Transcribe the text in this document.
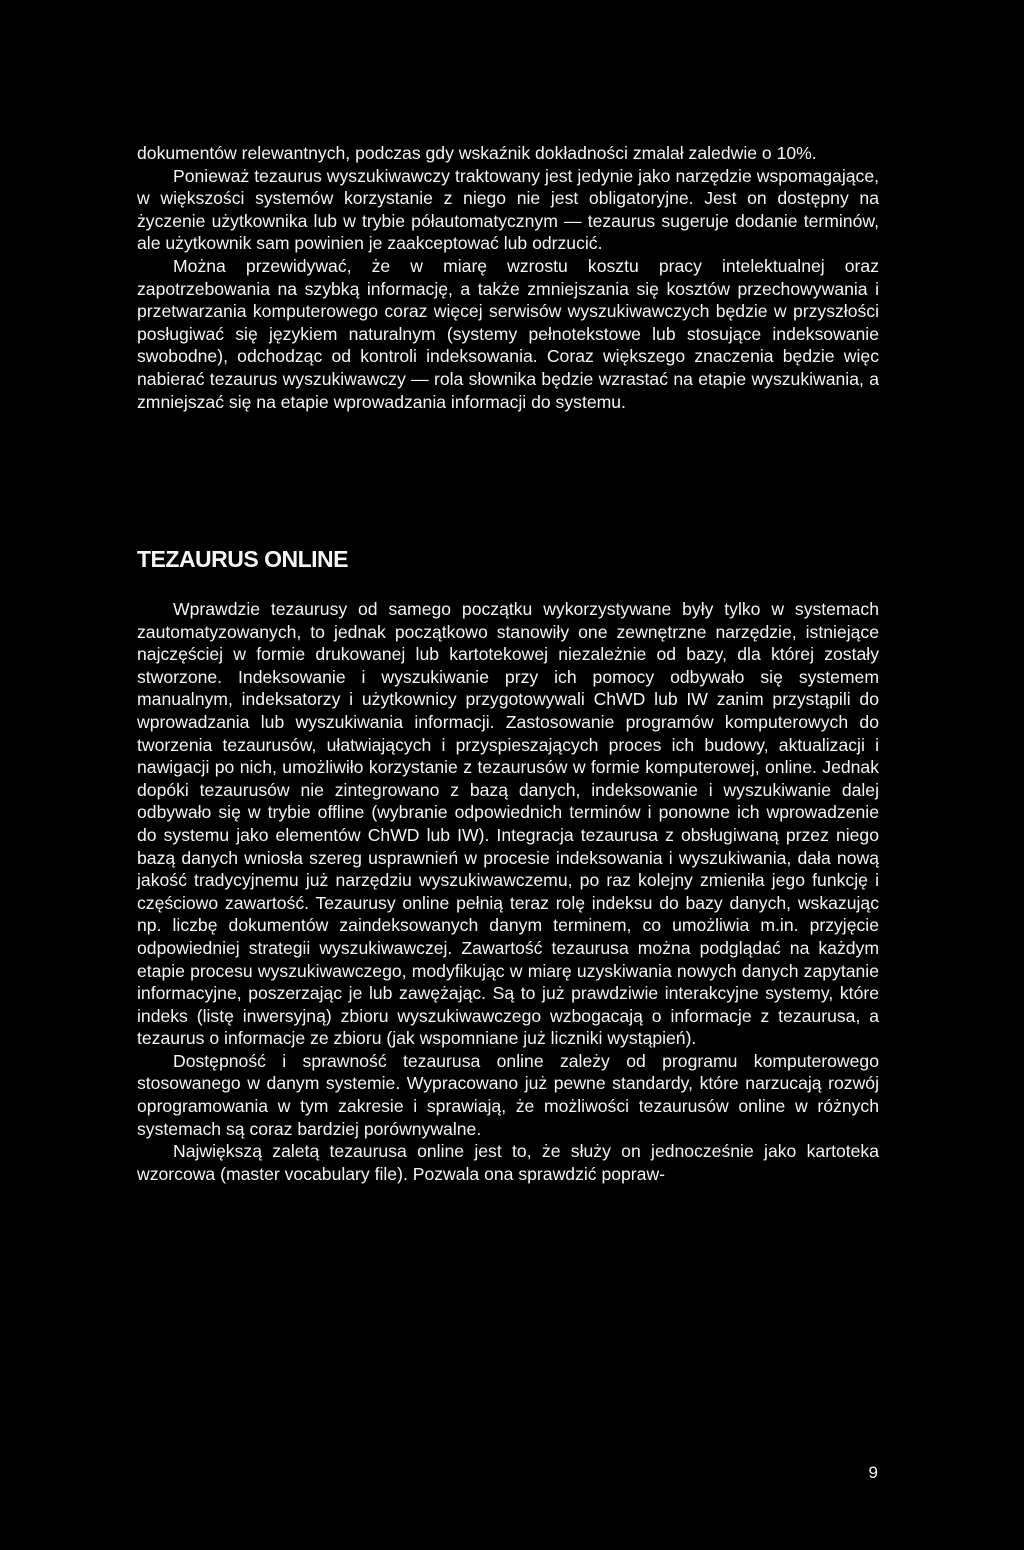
dokumentów relewantnych, podczas gdy wskaźnik dokładności zmalał zaledwie o 10%.

Ponieważ tezaurus wyszukiwawczy traktowany jest jedynie jako narzędzie wspomagające, w większości systemów korzystanie z niego nie jest obligatoryjne. Jest on dostępny na życzenie użytkownika lub w trybie półautomatycznym — tezaurus sugeruje dodanie terminów, ale użytkownik sam powinien je zaakceptować lub odrzucić.

Można przewidywać, że w miarę wzrostu kosztu pracy intelektualnej oraz zapotrzebowania na szybką informację, a także zmniejszania się kosztów przechowywania i przetwarzania komputerowego coraz więcej serwisów wyszukiwawczych będzie w przyszłości posługiwać się językiem naturalnym (systemy pełnotekstowe lub stosujące indeksowanie swobodne), odchodząc od kontroli indeksowania. Coraz większego znaczenia będzie więc nabierać tezaurus wyszukiwawczy — rola słownika będzie wzrastać na etapie wyszukiwania, a zmniejszać się na etapie wprowadzania informacji do systemu.

TEZAURUS ONLINE

Wprawdzie tezaurusy od samego początku wykorzystywane były tylko w systemach zautomatyzowanych, to jednak początkowo stanowiły one zewnętrzne narzędzie, istniejące najczęściej w formie drukowanej lub kartotekowej niezależnie od bazy, dla której zostały stworzone. Indeksowanie i wyszukiwanie przy ich pomocy odbywało się systemem manualnym, indeksatorzy i użytkownicy przygotowywali ChWD lub IW zanim przystąpili do wprowadzania lub wyszukiwania informacji. Zastosowanie programów komputerowych do tworzenia tezaurusów, ułatwiających i przyspieszających proces ich budowy, aktualizacji i nawigacji po nich, umożliwiło korzystanie z tezaurusów w formie komputerowej, online. Jednak dopóki tezaurusów nie zintegrowano z bazą danych, indeksowanie i wyszukiwanie dalej odbywało się w trybie offline (wybranie odpowiednich terminów i ponowne ich wprowadzenie do systemu jako elementów ChWD lub IW). Integracja tezaurusa z obsługiwaną przez niego bazą danych wniosła szereg usprawnień w procesie indeksowania i wyszukiwania, dała nową jakość tradycyjnemu już narzędziu wyszukiwawczemu, po raz kolejny zmieniła jego funkcję i częściowo zawartość. Tezaurusy online pełnią teraz rolę indeksu do bazy danych, wskazując np. liczbę dokumentów zaindeksowanych danym terminem, co umożliwia m.in. przyjęcie odpowiedniej strategii wyszukiwawczej. Zawartość tezaurusa można podglądać na każdym etapie procesu wyszukiwawczego, modyfikując w miarę uzyskiwania nowych danych zapytanie informacyjne, poszerzając je lub zawężając. Są to już prawdziwie interakcyjne systemy, które indeks (listę inwersyjną) zbioru wyszukiwawczego wzbogacają o informacje z tezaurusa, a tezaurus o informacje ze zbioru (jak wspomniane już liczniki wystąpień).

Dostępność i sprawność tezaurusa online zależy od programu komputerowego stosowanego w danym systemie. Wypracowano już pewne standardy, które narzucają rozwój oprogramowania w tym zakresie i sprawiają, że możliwości tezaurusów online w różnych systemach są coraz bardziej porównywalne.

Największą zaletą tezaurusa online jest to, że służy on jednocześnie jako kartoteka wzorcowa (master vocabulary file). Pozwala ona sprawdzić popraw-

9
